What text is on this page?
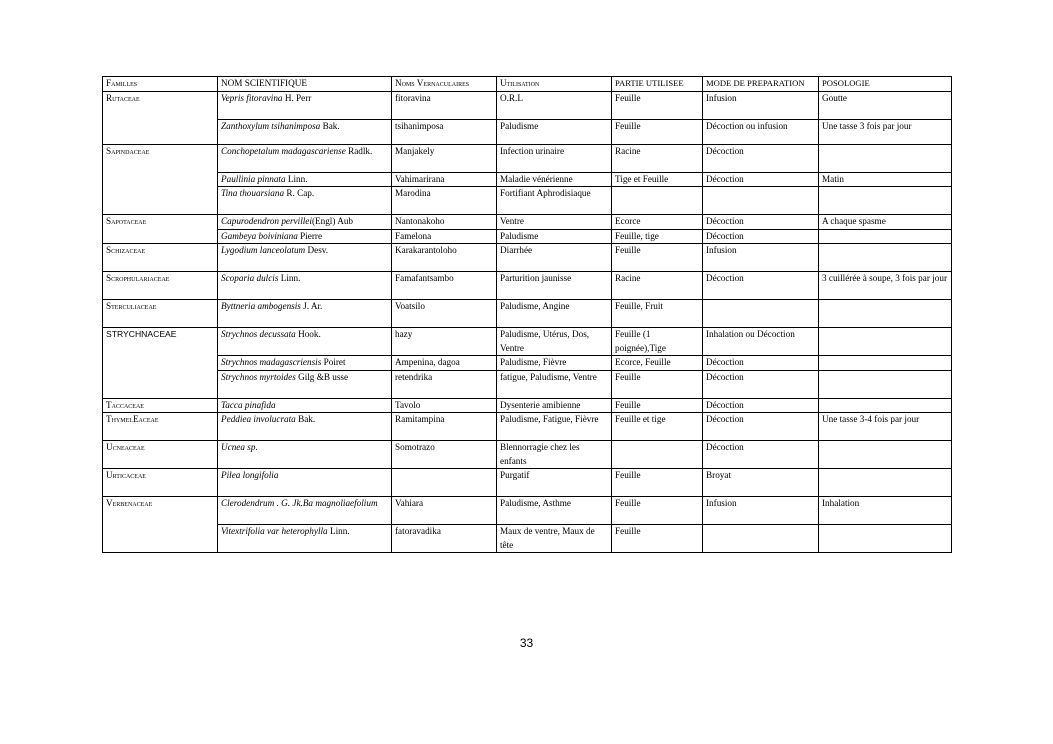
Familles	NOM SCIENTIFIQUE	Noms Vernaculaires	Utilisation	PARTIE UTILISEE	MODE DE PREPARATION	POSOLOGIE
Rutaceae	Vepris fitoravina H. Perr	fitoravina	O.R.L	Feuille	Infusion	Goutte
	Zanthoxylum tsihanimposa Bak.	tsihanimposa	Paludisme	Feuille	Décoction ou infusion	Une tasse 3 fois par jour
Sapindaceae	Conchopetalum madagascariense Radlk.	Manjakely	Infection urinaire	Racine	Décoction	
	Paullinia pinnata Linn.	Vahimarirana	Maladie vénérienne	Tige et Feuille	Décoction	Matin
	Tina thouarsiana R. Cap.	Marodina	Fortifiant Aphrodisiaque			
Sapotaceae	Capurodendron pervillei(Engl) Aub	Nantonakoho	Ventre	Ecorce	Décoction	A chaque spasme
	Gambeya boiviniana Pierre	Famelona	Paludisme	Feuille, tige	Décoction	
Schizaceae	Lygodium lanceolatum Desv.	Karakarantoloho	Diarrhée	Feuille	Infusion	
Scrophulariaceae	Scoparia dulcis Linn.	Famafantsambo	Parturition jaunisse	Racine	Décoction	3 cuillérée à soupe, 3 fois par jour
Sterculiaceae	Byttneria ambogensis J. Ar.	Voatsilo	Paludisme, Angine	Feuille, Fruit		
STRYCHNACEAE	Strychnos decussata Hook.	hazy	Paludisme, Utérus, Dos, Ventre	Feuille (1 poignée),Tige	Inhalation ou Décoction	
	Strychnos madagascriensis Poiret	Ampenina, dagoa	Paludisme, Fièvre	Ecorce, Feuille	Décoction	
	Strychnos myrtoides Gilg &B usse	retendrika	fatigue, Paludisme, Ventre	Feuille	Décoction	
Taccaceae	Tacca pinafida	Tavolo	Dysenterie amibienne	Feuille	Décoction	
ThymelEaceae	Peddiea involucrata Bak.	Ramitampina	Paludisme, Fatigue, Fièvre	Feuille et tige	Décoction	Une tasse 3-4 fois par jour
Ucneaceae	Ucnea sp.	Somotrazo	Blennorragie chez les enfants		Décoction	
Urticaceae	Pilea longifolia		Purgatif	Feuille	Broyat	
Verbenaceae	Clerodendrum . G. Jk.Ba magnoliaefolium	Vahiara	Paludisme, Asthme	Feuille	Infusion	Inhalation
	Vitextrifolia var heterophylla Linn.	fatoravadika	Maux de ventre, Maux de tête	Feuille		
33
